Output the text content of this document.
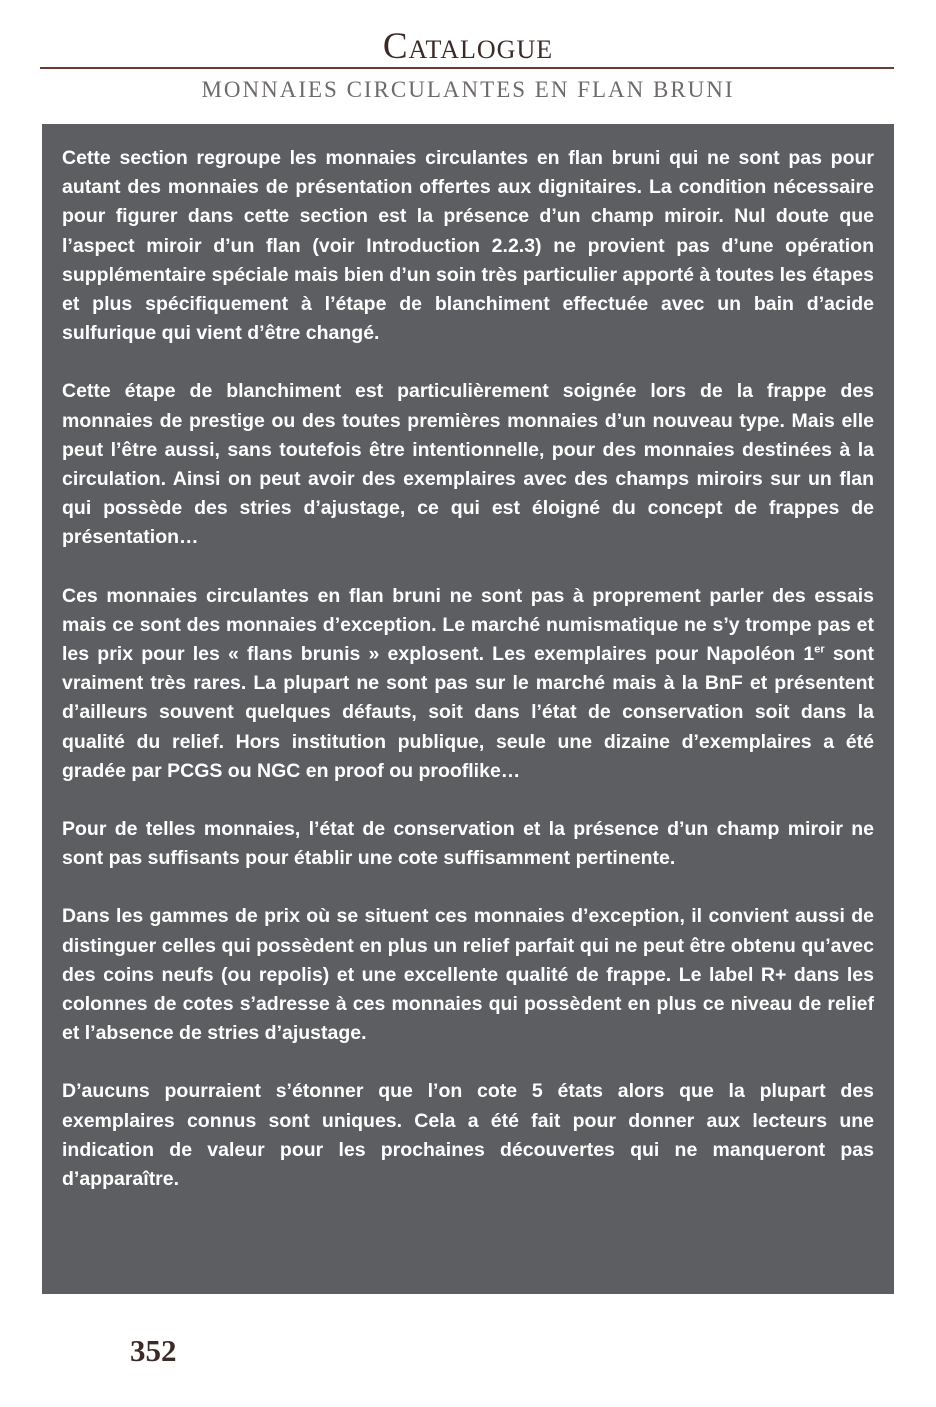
Catalogue
MONNAIES CIRCULANTES EN FLAN BRUNI

Cette section regroupe les monnaies circulantes en flan bruni qui ne sont pas pour autant des monnaies de présentation offertes aux dignitaires. La condition nécessaire pour figurer dans cette section est la présence d’un champ miroir. Nul doute que l’aspect miroir d’un flan (voir Introduction 2.2.3) ne provient pas d’une opération supplémentaire spéciale mais bien d’un soin très particulier apporté à toutes les étapes et plus spécifiquement à l’étape de blanchiment effectuée avec un bain d’acide sulfurique qui vient d’être changé.

Cette étape de blanchiment est particulièrement soignée lors de la frappe des monnaies de prestige ou des toutes premières monnaies d’un nouveau type. Mais elle peut l’être aussi, sans toutefois être intentionnelle, pour des monnaies destinées à la circulation. Ainsi on peut avoir des exemplaires avec des champs miroirs sur un flan qui possède des stries d’ajustage, ce qui est éloigné du concept de frappes de présentation…

Ces monnaies circulantes en flan bruni ne sont pas à proprement parler des essais mais ce sont des monnaies d’exception. Le marché numismatique ne s’y trompe pas et les prix pour les « flans brunis » explosent. Les exemplaires pour Napoléon 1er sont vraiment très rares. La plupart ne sont pas sur le marché mais à la BnF et présentent d’ailleurs souvent quelques défauts, soit dans l’état de conservation soit dans la qualité du relief. Hors institution publique, seule une dizaine d’exemplaires a été gradée par PCGS ou NGC en proof ou prooflike…

Pour de telles monnaies, l’état de conservation et la présence d’un champ miroir ne sont pas suffisants pour établir une cote suffisamment pertinente.

Dans les gammes de prix où se situent ces monnaies d’exception, il convient aussi de distinguer celles qui possèdent en plus un relief parfait qui ne peut être obtenu qu’avec des coins neufs (ou repolis) et une excellente qualité de frappe. Le label R+ dans les colonnes de cotes s’adresse à ces monnaies qui possèdent en plus ce niveau de relief et l’absence de stries d’ajustage.

D’aucuns pourraient s’étonner que l’on cote 5 états alors que la plupart des exemplaires connus sont uniques. Cela a été fait pour donner aux lecteurs une indication de valeur pour les prochaines découvertes qui ne manqueront pas d’apparaître.

352
